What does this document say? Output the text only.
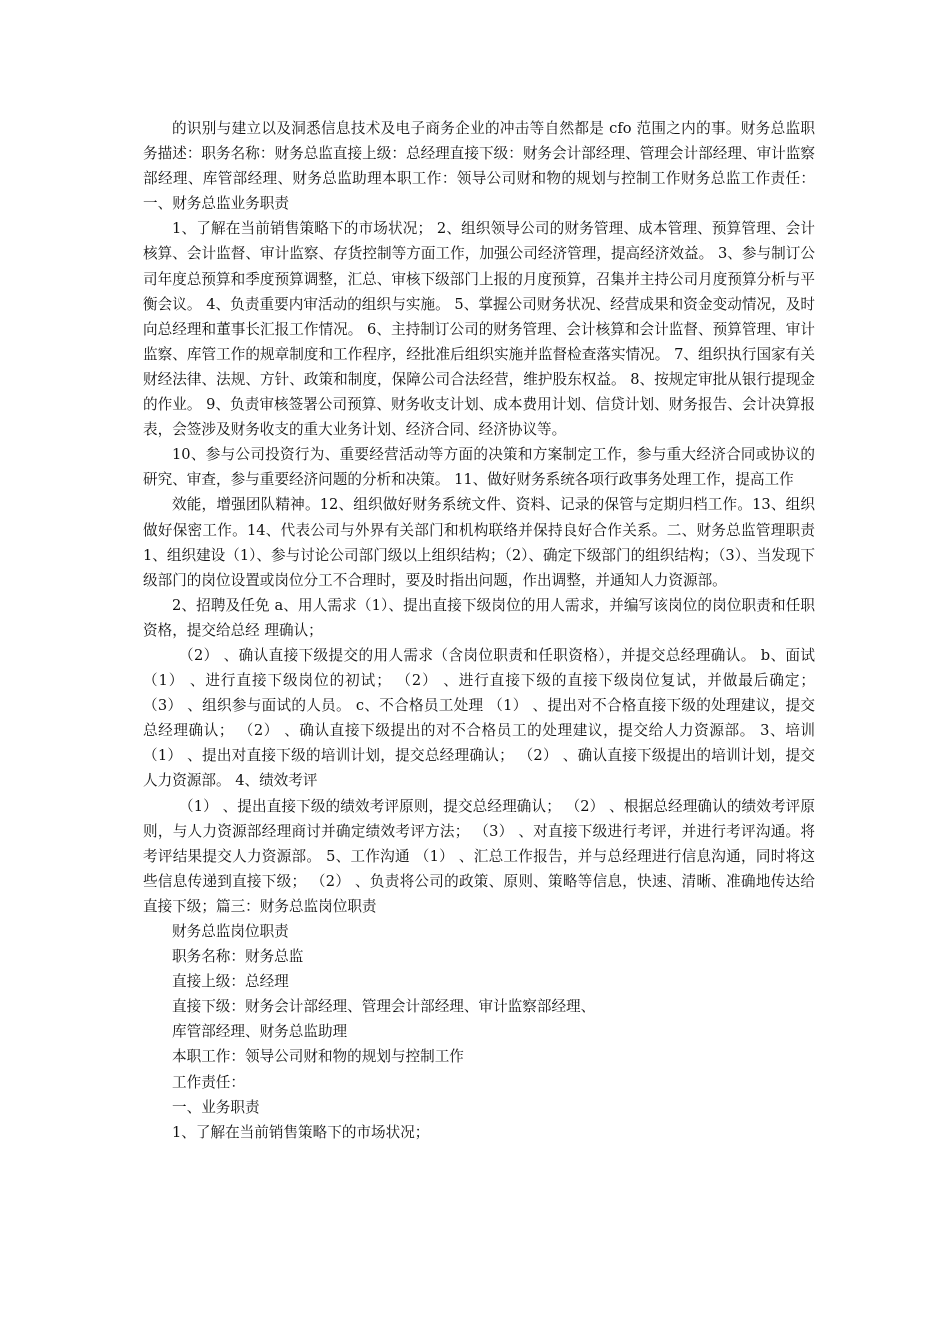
的识别与建立以及洞悉信息技术及电子商务企业的冲击等自然都是 cfo 范围之内的事。财务总监职务描述：职务名称：财务总监直接上级：总经理直接下级：财务会计部经理、管理会计部经理、审计监察部经理、库管部经理、财务总监助理本职工作：领导公司财和物的规划与控制工作财务总监工作责任：一、财务总监业务职责

1、了解在当前销售策略下的市场状况； 2、组织领导公司的财务管理、成本管理、预算管理、会计核算、会计监督、审计监察、存货控制等方面工作，加强公司经济管理，提高经济效益。 3、参与制订公司年度总预算和季度预算调整，汇总、审核下级部门上报的月度预算，召集并主持公司月度预算分析与平衡会议。 4、负责重要内审活动的组织与实施。 5、掌握公司财务状况、经营成果和资金变动情况，及时向总经理和董事长汇报工作情况。 6、主持制订公司的财务管理、会计核算和会计监督、预算管理、审计监察、库管工作的规章制度和工作程序，经批准后组织实施并监督检查落实情况。 7、组织执行国家有关财经法律、法规、方针、政策和制度，保障公司合法经营，维护股东权益。 8、按规定审批从银行提现金的作业。 9、负责审核签署公司预算、财务收支计划、成本费用计划、信贷计划、财务报告、会计决算报表，会签涉及财务收支的重大业务计划、经济合同、经济协议等。

10、参与公司投资行为、重要经营活动等方面的决策和方案制定工作，参与重大经济合同或协议的研究、审查，参与重要经济问题的分析和决策。 11、做好财务系统各项行政事务处理工作，提高工作

效能，增强团队精神。12、组织做好财务系统文件、资料、记录的保管与定期归档工作。13、组织做好保密工作。14、代表公司与外界有关部门和机构联络并保持良好合作关系。二、财务总监管理职责 1、组织建设（1）、参与讨论公司部门级以上组织结构；（2）、确定下级部门的组织结构；（3）、当发现下级部门的岗位设置或岗位分工不合理时，要及时指出问题，作出调整，并通知人力资源部。

2、招聘及任免 a、用人需求（1）、提出直接下级岗位的用人需求，并编写该岗位的岗位职责和任职资格，提交给总经 理确认；

（2） 、确认直接下级提交的用人需求（含岗位职责和任职资格），并提交总经理确认。 b、面试 （1） 、进行直接下级岗位的初试； （2） 、进行直接下级的直接下级岗位复试，并做最后确定； （3） 、组织参与面试的人员。 c、不合格员工处理 （1） 、提出对不合格直接下级的处理建议，提交总经理确认； （2） 、确认直接下级提出的对不合格员工的处理建议，提交给人力资源部。 3、培训 （1） 、提出对直接下级的培训计划，提交总经理确认； （2） 、确认直接下级提出的培训计划，提交人力资源部。 4、绩效考评

（1） 、提出直接下级的绩效考评原则，提交总经理确认； （2） 、根据总经理确认的绩效考评原则，与人力资源部经理商讨并确定绩效考评方法； （3） 、对直接下级进行考评，并进行考评沟通。将考评结果提交人力资源部。 5、工作沟通 （1） 、汇总工作报告，并与总经理进行信息沟通，同时将这些信息传递到直接下级； （2） 、负责将公司的政策、原则、策略等信息，快速、清晰、准确地传达给直接下级；篇三：财务总监岗位职责

财务总监岗位职责

职务名称：财务总监

直接上级：总经理

直接下级：财务会计部经理、管理会计部经理、审计监察部经理、

库管部经理、财务总监助理

本职工作：领导公司财和物的规划与控制工作

工作责任：

一、业务职责

1、了解在当前销售策略下的市场状况；
